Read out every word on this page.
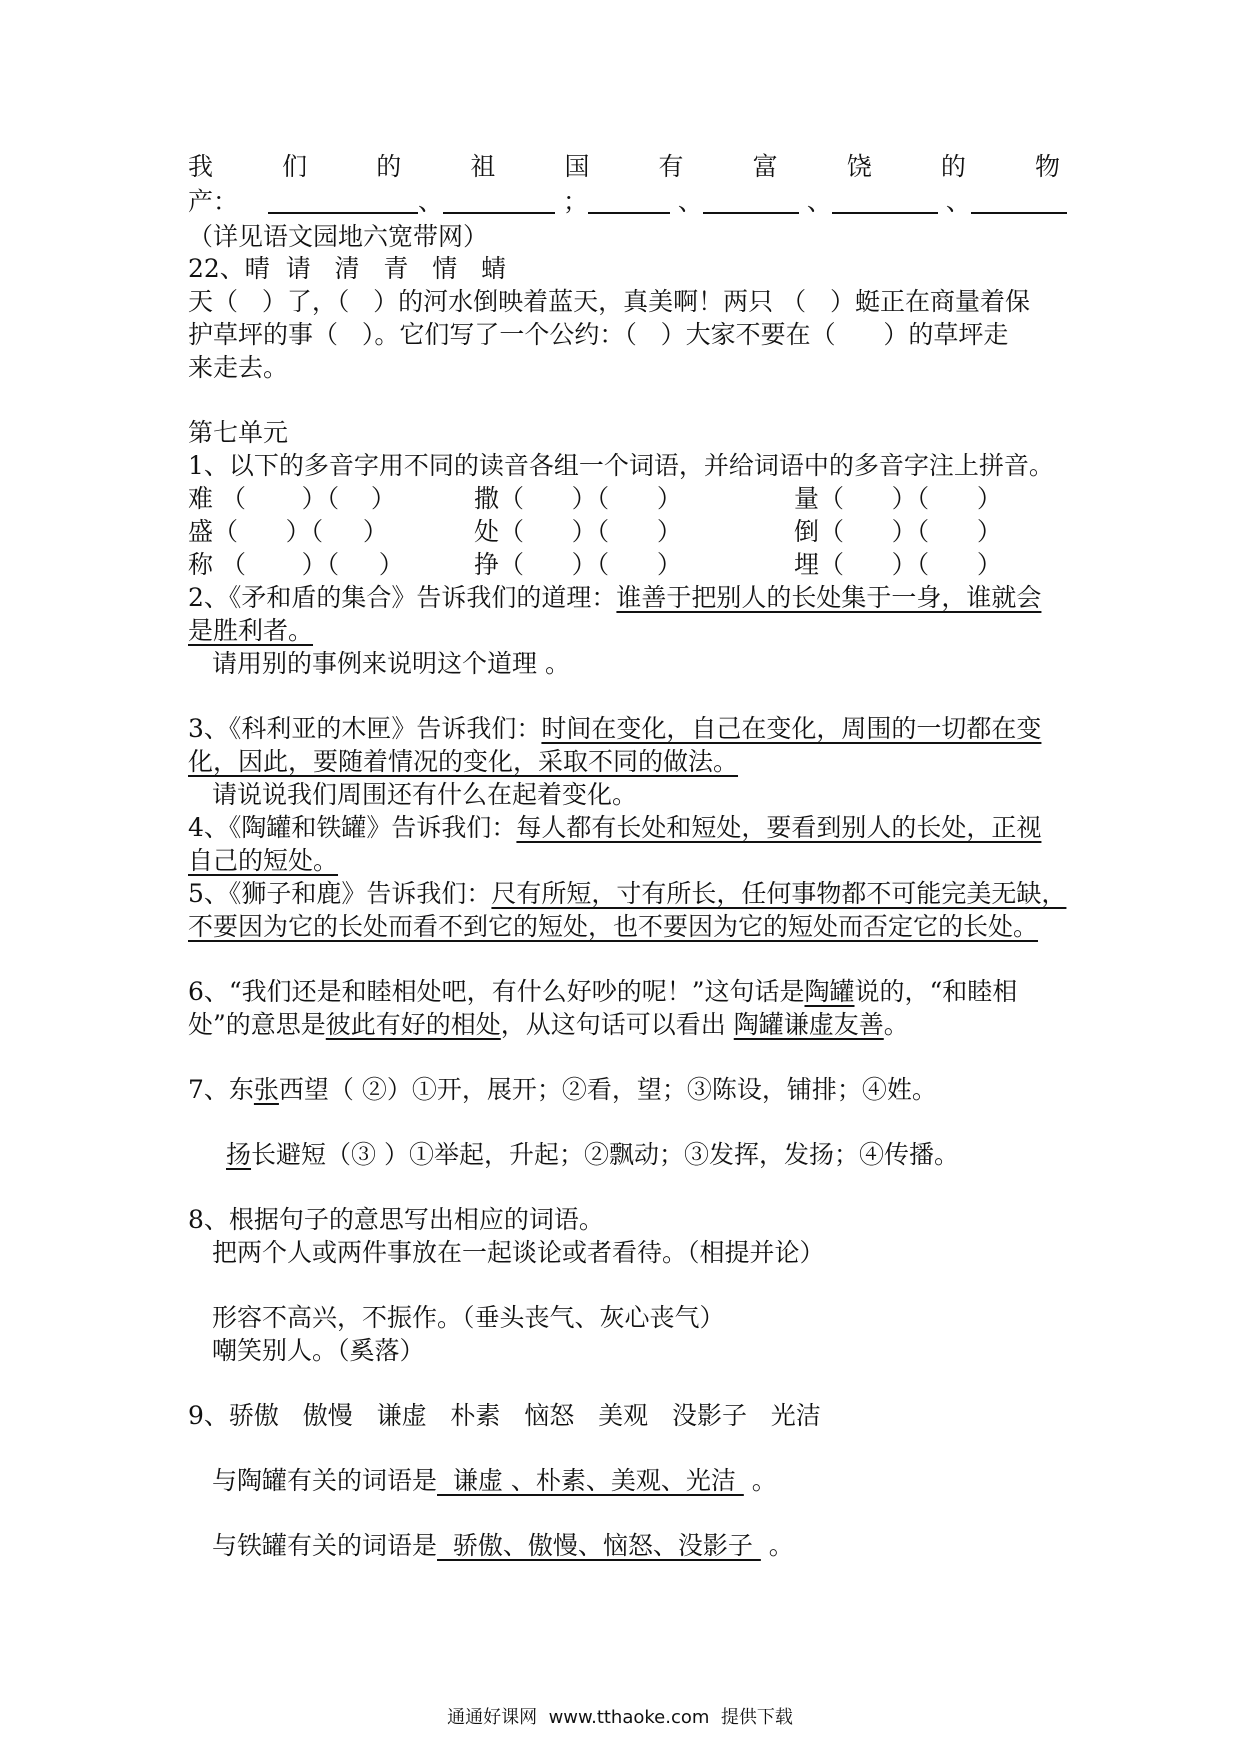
我	们	的	祖	国	有	富	饶	的	物
产：	、	；	、	、	、
（详见语文园地六宽带网）
22、晴  请   清   青   情   蜻
天（   ）了，（   ）的河水倒映着蓝天，真美啊！两只 （   ）蜓正在商量着保
护草坪的事（   ）。它们写了一个公约：（   ）大家不要在（      ）的草坪走
来走去。
第七单元
1、以下的多音字用不同的读音各组一个词语，并给词语中的多音字注上拼音。
难 （       ）（    ）	撒（      ）（      ）	量（      ）（      ）
盛（      ）（     ）	处（      ）（      ）	倒（      ）（      ）
称 （       ）（     ）	挣（      ）（      ）	埋（      ）（      ）
2、《矛和盾的集合》告诉我们的道理：谁善于把别人的长处集于一身，谁就会
是胜利者。
请用别的事例来说明这个道理 。
3、《科利亚的木匣》告诉我们：时间在变化，自己在变化，周围的一切都在变
化，因此，要随着情况的变化，采取不同的做法。
请说说我们周围还有什么在起着变化。
4、《陶罐和铁罐》告诉我们：每人都有长处和短处，要看到别人的长处，正视
自己的短处。
5、《狮子和鹿》告诉我们：尺有所短，寸有所长，任何事物都不可能完美无缺，
不要因为它的长处而看不到它的短处，也不要因为它的短处而否定它的长处。
6、“我们还是和睦相处吧，有什么好吵的呢！”这句话是陶罐说的，“和睦相
处”的意思是彼此有好的相处，从这句话可以看出 陶罐谦虚友善。
7、东张西望（ ②）①开，展开；②看，望；③陈设，铺排；④姓。
扬长避短（③ ）①举起，升起；②飘动；③发挥，发扬；④传播。
8、根据句子的意思写出相应的词语。
把两个人或两件事放在一起谈论或者看待。（相提并论）
形容不高兴，不振作。（垂头丧气、灰心丧气）
嘲笑别人。（奚落）
9、骄傲   傲慢   谦虚   朴素   恼怒   美观   没影子   光洁
与陶罐有关的词语是  谦虚 、朴素、美观、光洁  。
与铁罐有关的词语是  骄傲、傲慢、恼怒、没影子  。
通通好课网  www.tthaoke.com  提供下载
